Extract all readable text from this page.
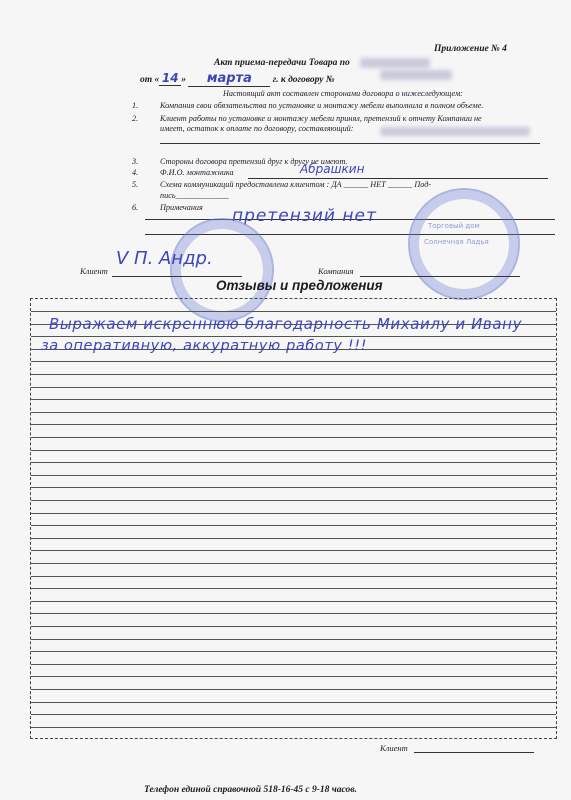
Приложение № 4
Акт приема-передачи Товара по
от « 14 » марта г. к договору №
Настоящий акт составлен сторонами договора о нижеследующем:
1.	Компания свои обязательства по установке и монтажу мебели выполнила в полном объеме.
2.	Клиент работы по установке и монтажу мебели принял, претензий к отчету Компании не
имеет, остаток к оплате по договору, составляющий:
3.	Стороны договора претензий друг к другу не имеют.
4.	Ф.И.О. монтажника	Абрашкин
5.	Схема коммуникаций предоставлена клиентом : ДА ______ НЕТ ______ Под-
пись_____________
6.	Примечания претензий нет	Торговый дом
Солнечная Ладья
Клиент
V П. Андр.
Компания
Отзывы и предложения
Выражаем искреннюю благодарность Михаилу и Ивану
за оперативную, аккуратную работу !!!
Клиент
Телефон единой справочной 518-16-45 с 9-18 часов.
